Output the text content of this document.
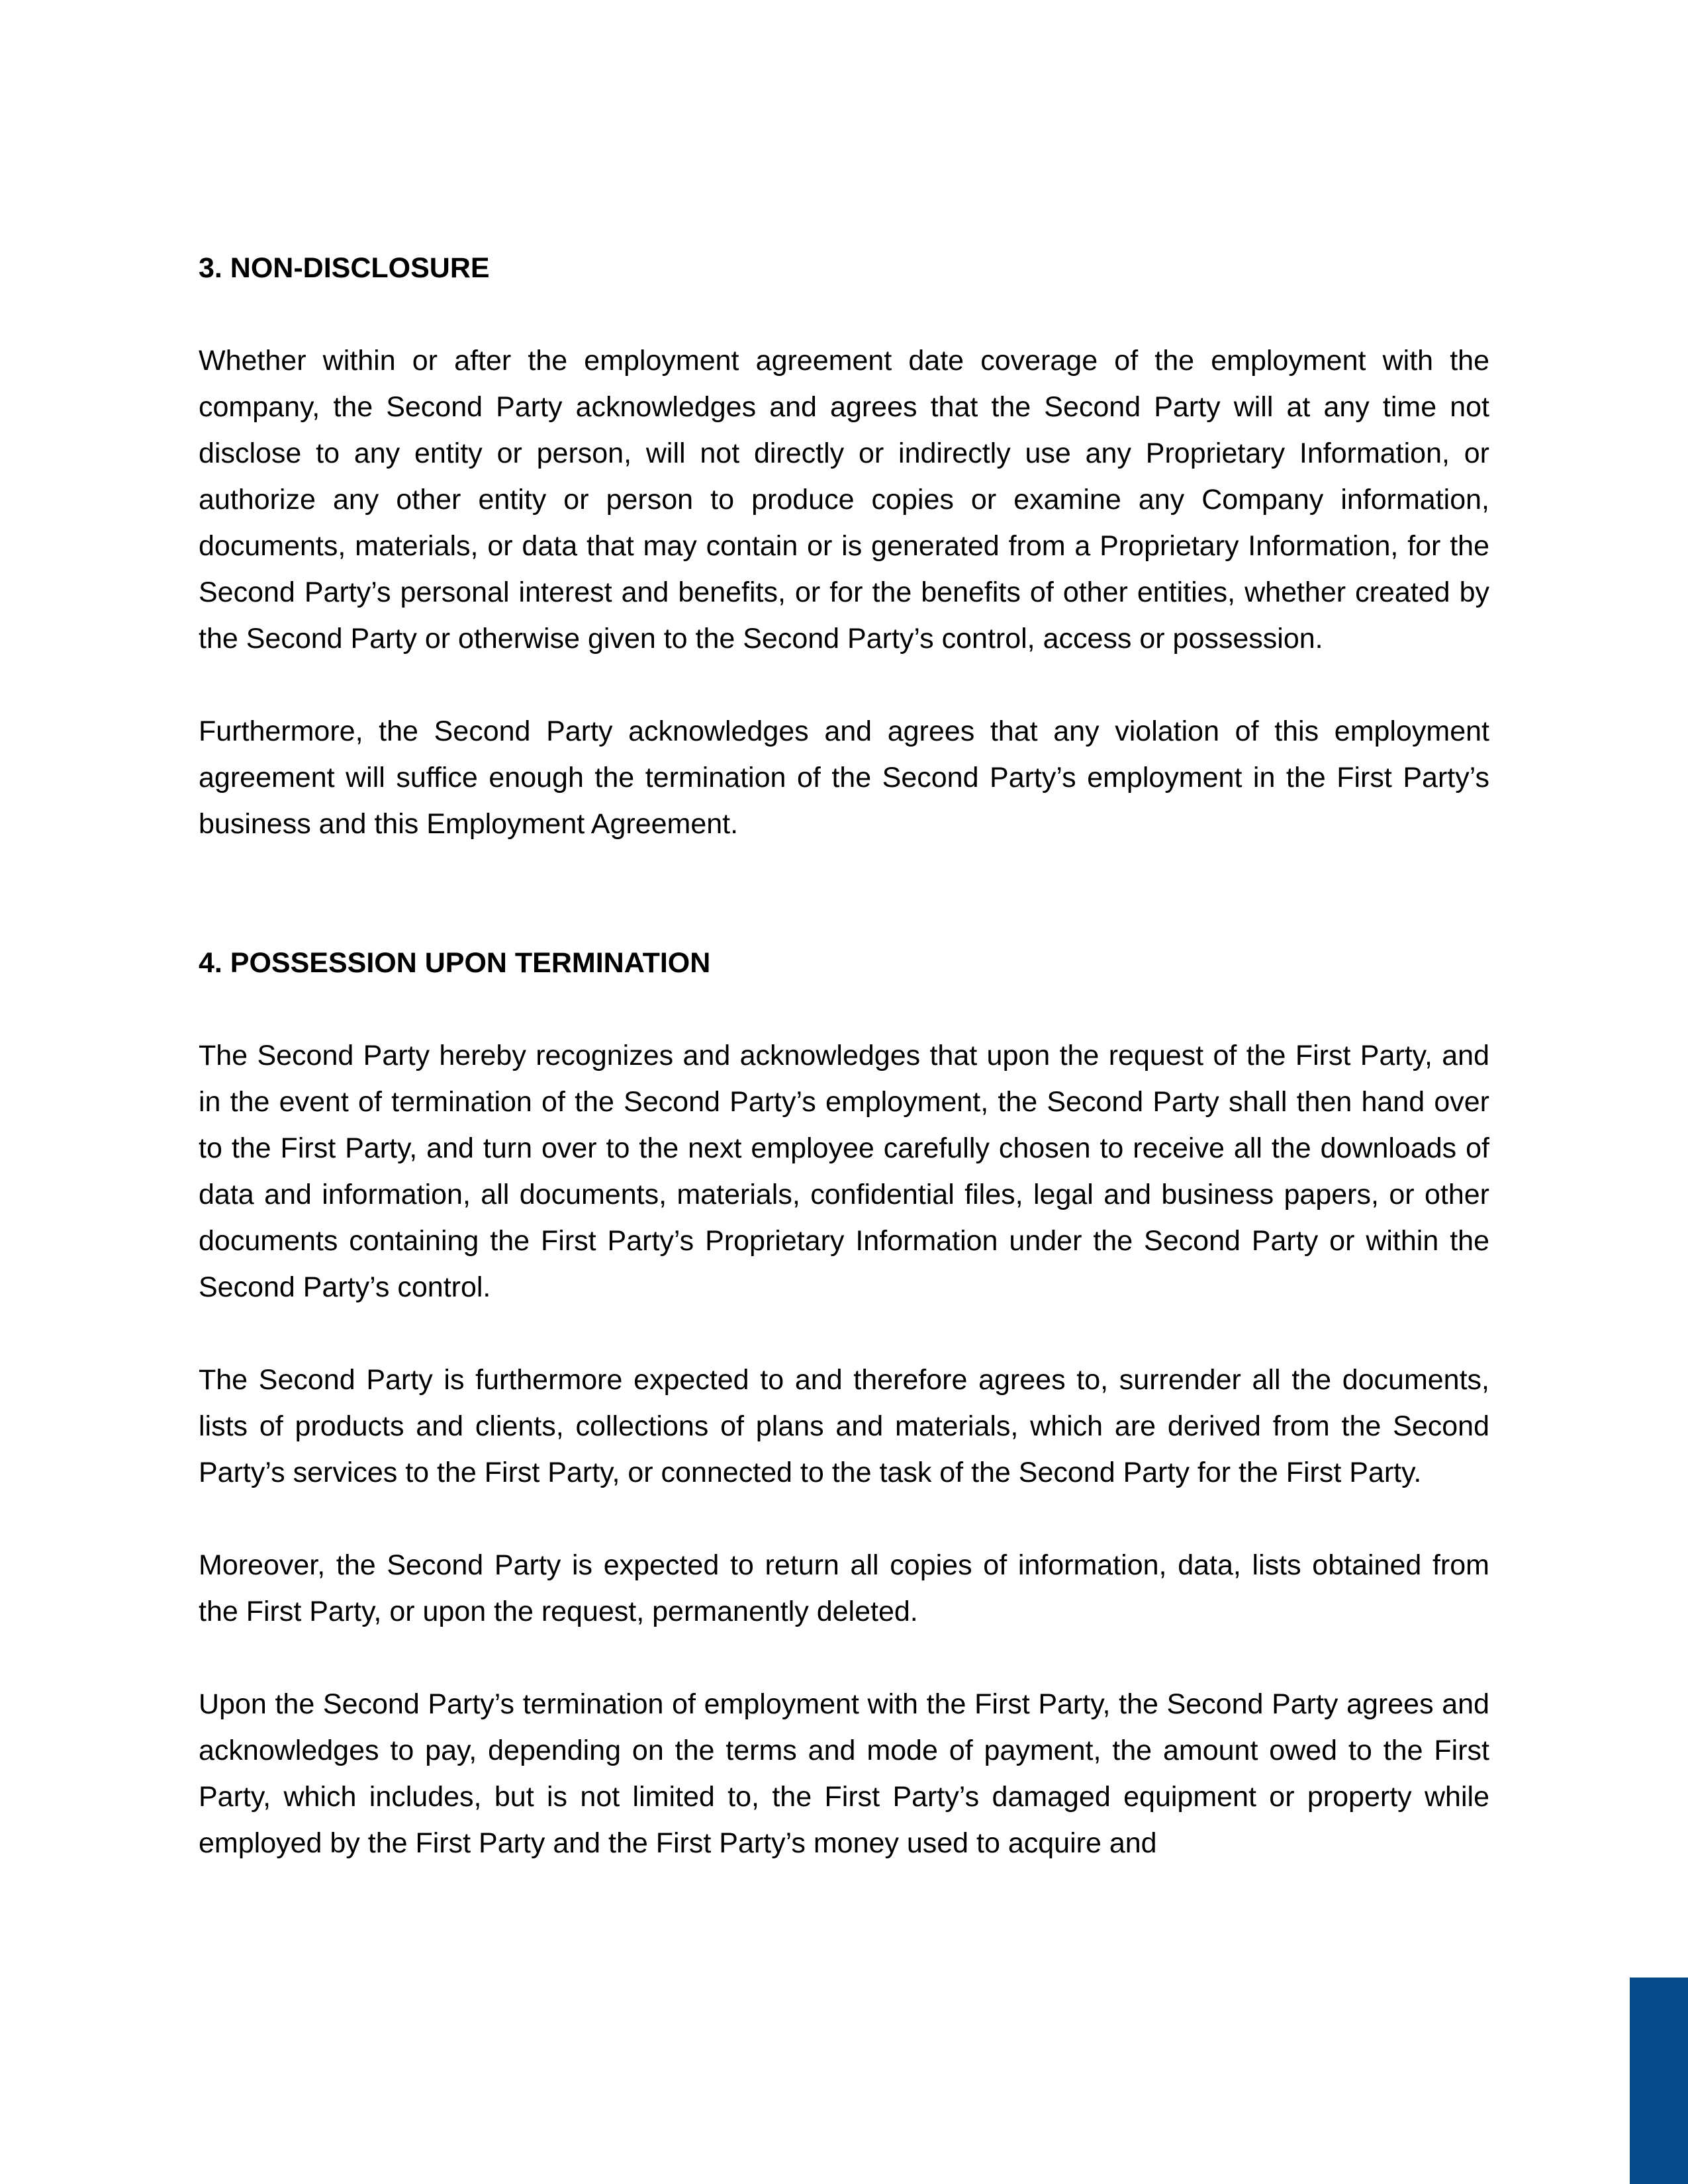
3. NON-DISCLOSURE

Whether within or after the employment agreement date coverage of the employment with the company, the Second Party acknowledges and agrees that the Second Party will at any time not disclose to any entity or person, will not directly or indirectly use any Proprietary Information, or authorize any other entity or person to produce copies or examine any Company information, documents, materials, or data that may contain or is generated from a Proprietary Information, for the Second Party’s personal interest and benefits, or for the benefits of other entities, whether created by the Second Party or otherwise given to the Second Party’s control, access or possession.

Furthermore, the Second Party acknowledges and agrees that any violation of this employment agreement will suffice enough the termination of the Second Party’s employment in the First Party’s business and this Employment Agreement.

4. POSSESSION UPON TERMINATION

The Second Party hereby recognizes and acknowledges that upon the request of the First Party, and in the event of termination of the Second Party’s employment, the Second Party shall then hand over to the First Party, and turn over to the next employee carefully chosen to receive all the downloads of data and information, all documents, materials, confidential files, legal and business papers, or other documents containing the First Party’s Proprietary Information under the Second Party or within the Second Party’s control.

The Second Party is furthermore expected to and therefore agrees to, surrender all the documents, lists of products and clients, collections of plans and materials, which are derived from the Second Party’s services to the First Party, or connected to the task of the Second Party for the First Party.

Moreover, the Second Party is expected to return all copies of information, data, lists obtained from the First Party, or upon the request, permanently deleted.

Upon the Second Party’s termination of employment with the First Party, the Second Party agrees and acknowledges to pay, depending on the terms and mode of payment, the amount owed to the First Party, which includes, but is not limited to, the First Party’s damaged equipment or property while employed by the First Party and the First Party’s money used to acquire and
